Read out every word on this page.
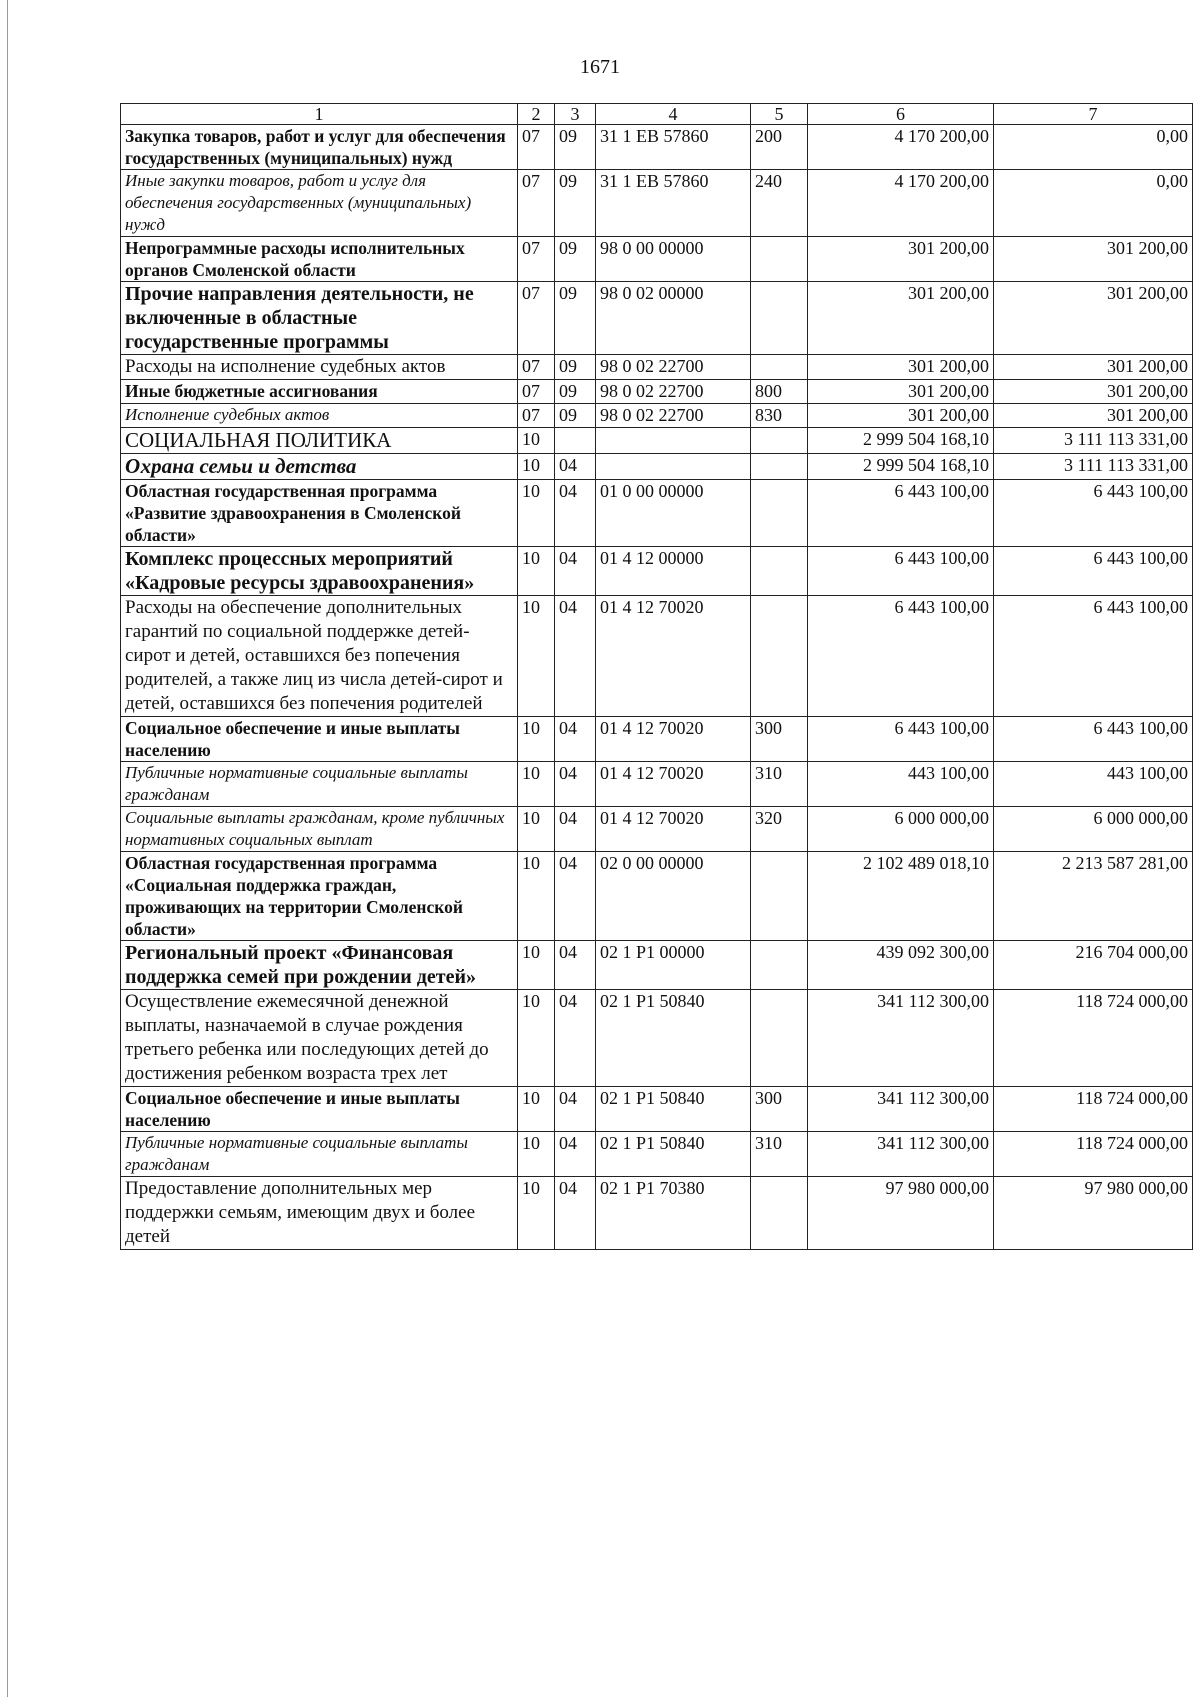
1671
1	2	3	4	5	6	7
Закупка товаров, работ и услуг для обеспечения государственных (муниципальных) нужд	07	09	31 1 ЕВ 57860	200	4 170 200,00	0,00
Иные закупки товаров, работ и услуг для обеспечения государственных (муниципальных) нужд	07	09	31 1 ЕВ 57860	240	4 170 200,00	0,00
Непрограммные расходы исполнительных органов Смоленской области	07	09	98 0 00 00000		301 200,00	301 200,00
Прочие направления деятельности, не включенные в областные государственные программы	07	09	98 0 02 00000		301 200,00	301 200,00
Расходы на исполнение судебных актов	07	09	98 0 02 22700		301 200,00	301 200,00
Иные бюджетные ассигнования	07	09	98 0 02 22700	800	301 200,00	301 200,00
Исполнение судебных актов	07	09	98 0 02 22700	830	301 200,00	301 200,00
СОЦИАЛЬНАЯ ПОЛИТИКА	10				2 999 504 168,10	3 111 113 331,00
Охрана семьи и детства	10	04			2 999 504 168,10	3 111 113 331,00
Областная государственная программа «Развитие здравоохранения в Смоленской области»	10	04	01 0 00 00000		6 443 100,00	6 443 100,00
Комплекс процессных мероприятий «Кадровые ресурсы здравоохранения»	10	04	01 4 12 00000		6 443 100,00	6 443 100,00
Расходы на обеспечение дополнительных гарантий по социальной поддержке детей-сирот и детей, оставшихся без попечения родителей, а также лиц из числа детей-сирот и детей, оставшихся без попечения родителей	10	04	01 4 12 70020		6 443 100,00	6 443 100,00
Социальное обеспечение и иные выплаты населению	10	04	01 4 12 70020	300	6 443 100,00	6 443 100,00
Публичные нормативные социальные выплаты гражданам	10	04	01 4 12 70020	310	443 100,00	443 100,00
Социальные выплаты гражданам, кроме публичных нормативных социальных выплат	10	04	01 4 12 70020	320	6 000 000,00	6 000 000,00
Областная государственная программа «Социальная поддержка граждан, проживающих на территории Смоленской области»	10	04	02 0 00 00000		2 102 489 018,10	2 213 587 281,00
Региональный проект «Финансовая поддержка семей при рождении детей»	10	04	02 1 Р1 00000		439 092 300,00	216 704 000,00
Осуществление ежемесячной денежной выплаты, назначаемой в случае рождения третьего ребенка или последующих детей до достижения ребенком возраста трех лет	10	04	02 1 Р1 50840		341 112 300,00	118 724 000,00
Социальное обеспечение и иные выплаты населению	10	04	02 1 Р1 50840	300	341 112 300,00	118 724 000,00
Публичные нормативные социальные выплаты гражданам	10	04	02 1 Р1 50840	310	341 112 300,00	118 724 000,00
Предоставление дополнительных мер поддержки семьям, имеющим двух и более детей	10	04	02 1 Р1 70380		97 980 000,00	97 980 000,00
